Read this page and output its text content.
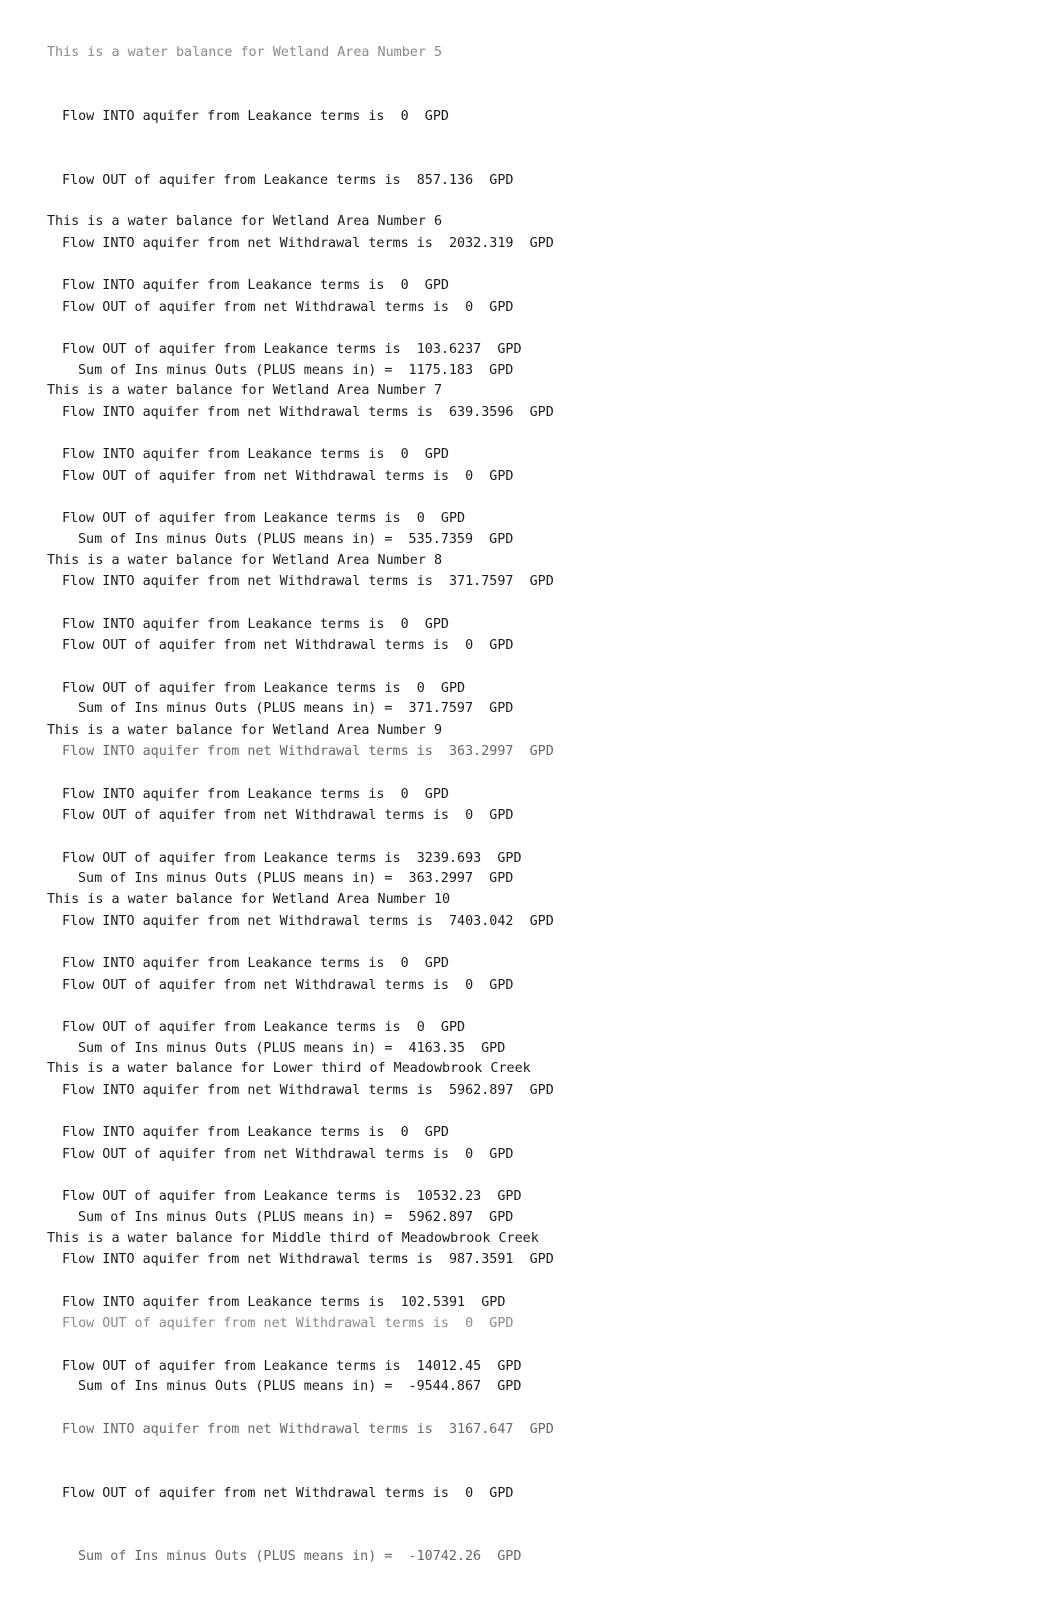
This is a water balance for Wetland Area Number 5

Flow INTO aquifer from Leakance terms is 0 GPD

Flow OUT of aquifer from Leakance terms is 857.136 GPD

Flow INTO aquifer from net Withdrawal terms is 2032.319 GPD

Flow OUT of aquifer from net Withdrawal terms is 0 GPD

Sum of Ins minus Outs (PLUS means in) = 1175.183 GPD

This is a water balance for Wetland Area Number 6

Flow INTO aquifer from Leakance terms is 0 GPD

Flow OUT of aquifer from Leakance terms is 103.6237 GPD

Flow INTO aquifer from net Withdrawal terms is 639.3596 GPD

Flow OUT of aquifer from net Withdrawal terms is 0 GPD

Sum of Ins minus Outs (PLUS means in) = 535.7359 GPD

This is a water balance for Wetland Area Number 7

Flow INTO aquifer from Leakance terms is 0 GPD

Flow OUT of aquifer from Leakance terms is 0 GPD

Flow INTO aquifer from net Withdrawal terms is 371.7597 GPD

Flow OUT of aquifer from net Withdrawal terms is 0 GPD

Sum of Ins minus Outs (PLUS means in) = 371.7597 GPD

This is a water balance for Wetland Area Number 8

Flow INTO aquifer from Leakance terms is 0 GPD

Flow OUT of aquifer from Leakance terms is 0 GPD

Flow INTO aquifer from net Withdrawal terms is 363.2997 GPD

Flow OUT of aquifer from net Withdrawal terms is 0 GPD

Sum of Ins minus Outs (PLUS means in) = 363.2997 GPD

This is a water balance for Wetland Area Number 9

Flow INTO aquifer from Leakance terms is 0 GPD

Flow OUT of aquifer from Leakance terms is 3239.693 GPD

Flow INTO aquifer from net Withdrawal terms is 7403.042 GPD

Flow OUT of aquifer from net Withdrawal terms is 0 GPD

Sum of Ins minus Outs (PLUS means in) = 4163.35 GPD

This is a water balance for Wetland Area Number 10

Flow INTO aquifer from Leakance terms is 0 GPD

Flow OUT of aquifer from Leakance terms is 0 GPD

Flow INTO aquifer from net Withdrawal terms is 5962.897 GPD

Flow OUT of aquifer from net Withdrawal terms is 0 GPD

Sum of Ins minus Outs (PLUS means in) = 5962.897 GPD

This is a water balance for Lower third of Meadowbrook Creek

Flow INTO aquifer from Leakance terms is 0 GPD

Flow OUT of aquifer from Leakance terms is 10532.23 GPD

Flow INTO aquifer from net Withdrawal terms is 987.3591 GPD

Flow OUT of aquifer from net Withdrawal terms is 0 GPD

Sum of Ins minus Outs (PLUS means in) = -9544.867 GPD

This is a water balance for Middle third of Meadowbrook Creek

Flow INTO aquifer from Leakance terms is 102.5391 GPD

Flow OUT of aquifer from Leakance terms is 14012.45 GPD

Flow INTO aquifer from net Withdrawal terms is 3167.647 GPD

Flow OUT of aquifer from net Withdrawal terms is 0 GPD

Sum of Ins minus Outs (PLUS means in) = -10742.26 GPD
